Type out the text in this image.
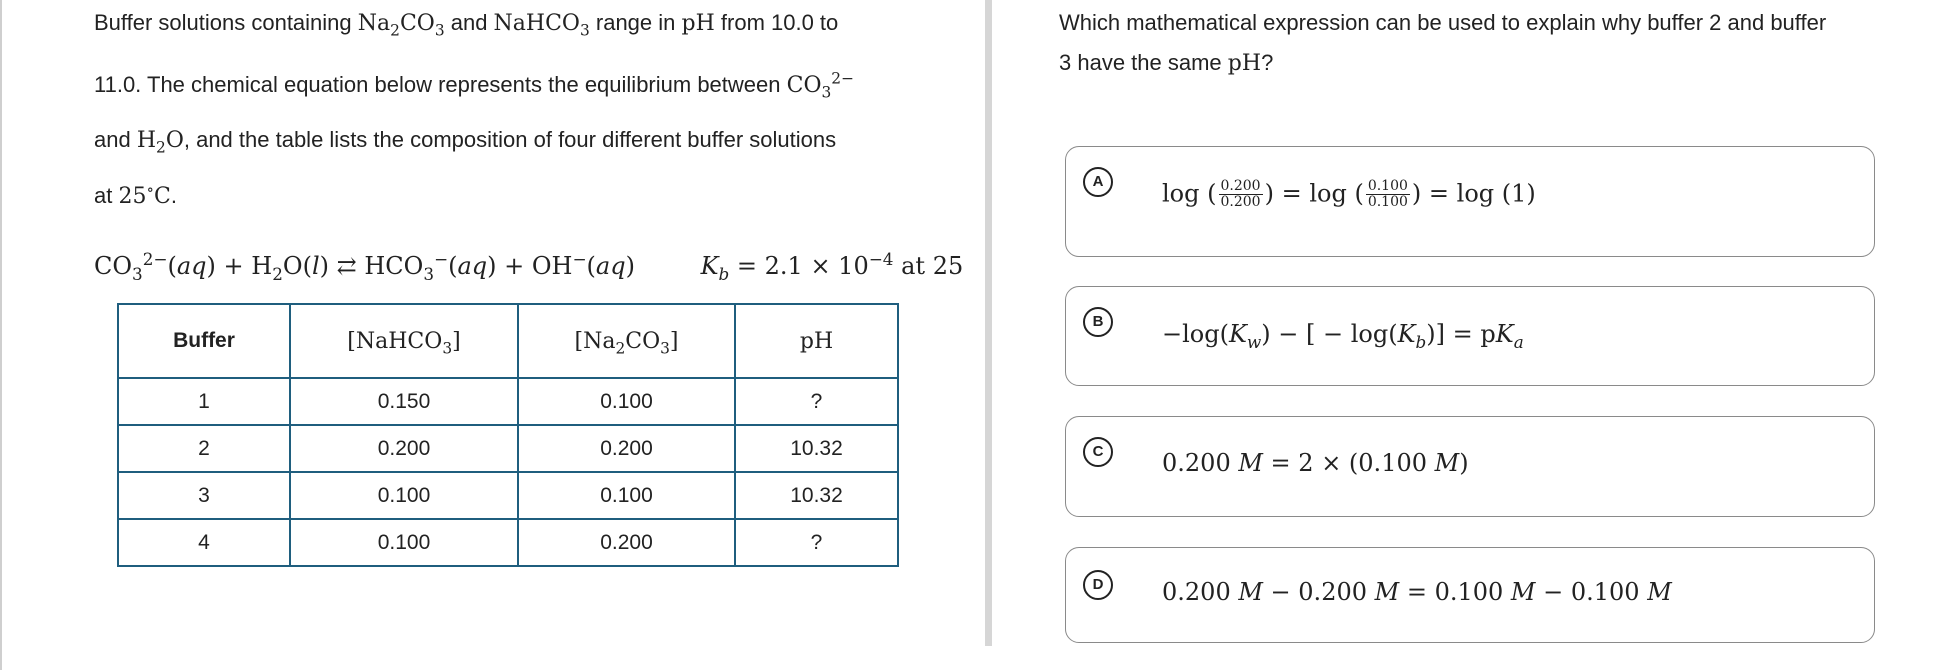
Buffer solutions containing $Na_2CO_3$ and NaHCO$_3$ range in pH from 10.0 to
11.0. The chemical equation below represents the equilibrium between $CO_3^{2-}$
and $H_2O$, and the table lists the composition of four different buffer solutions
at 25∘C.
$CO_3^{2-}(aq) + H_2O(l)$ ⇄ $HCO_3^-(aq) + OH^-(aq)$	$K_b = 2.1 \times 10^{-4}$ at 25
Buffer	[NaHCO$_3$]	$[Na_2CO_3]$	pH
1	0.150	0.100	?
2	0.200	0.200	10.32
3	0.100	0.100	10.32
4	0.100	0.200	?
Which mathematical expression can be used to explain why buffer 2 and buffer
3 have the same pH?
A	log ( $\frac{0.200}{0.200}$ ) = log ( $\frac{0.100}{0.100}$ ) = log (1)
B	$-\log(K_w)$ − [ − $\log(K_b)] = pK_a$
C	0.200 M = 2 × (0.100 M)
D	0.200 M − 0.200 M = 0.100 M − 0.100 M
